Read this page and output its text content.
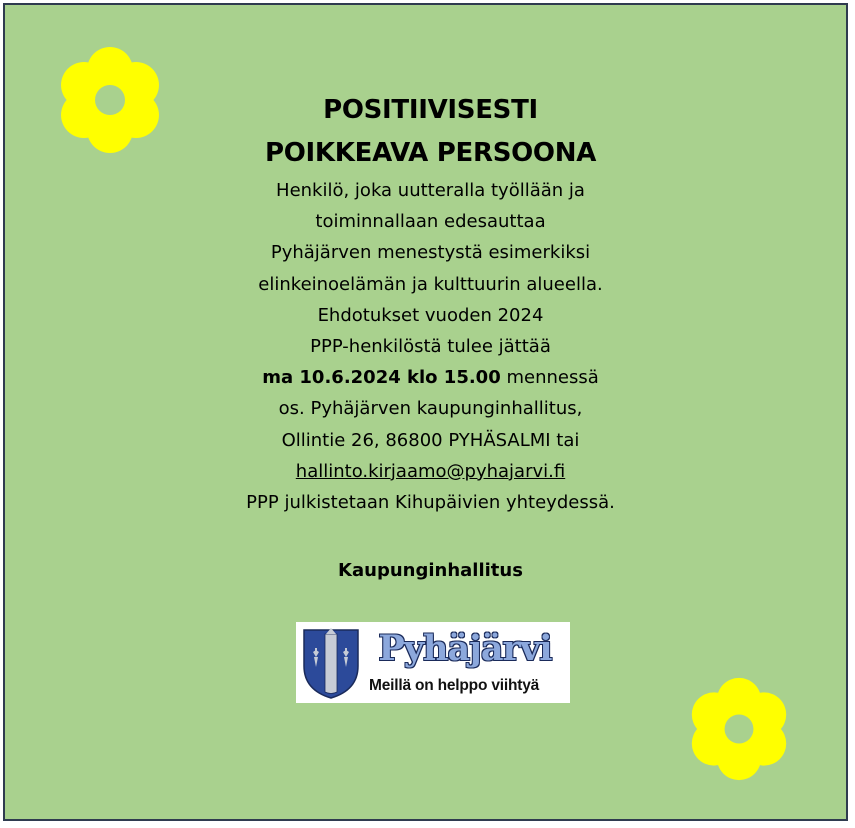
POSITIIVISESTI
POIKKEAVA PERSOONA
Henkilö, joka uutteralla työllään ja
toiminnallaan edesauttaa
Pyhäjärven menestystä esimerkiksi
elinkeinoelämän ja kulttuurin alueella.
Ehdotukset vuoden 2024
PPP-henkilöstä tulee jättää
ma 10.6.2024 klo 15.00 mennessä
os. Pyhäjärven kaupunginhallitus,
Ollintie 26, 86800 PYHÄSALMI tai
hallinto.kirjaamo@pyhajarvi.fi
PPP julkistetaan Kihupäivien yhteydessä.
Kaupunginhallitus
Pyhäjärvi
Meillä on helppo viihtyä
